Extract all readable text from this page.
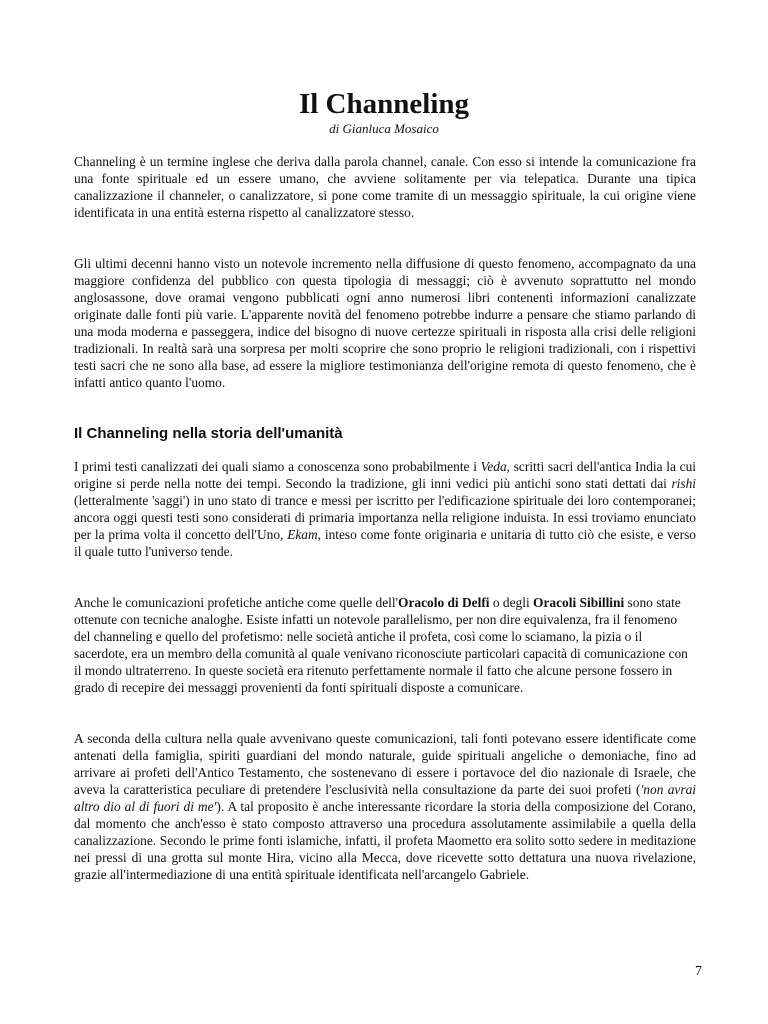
Il Channeling
di Gianluca Mosaico

Channeling è un termine inglese che deriva dalla parola channel, canale. Con esso si intende la comunicazione fra una fonte spirituale ed un essere umano, che avviene solitamente per via telepatica. Durante una tipica canalizzazione il channeler, o canalizzatore, si pone come tramite di un messaggio spirituale, la cui origine viene identificata in una entità esterna rispetto al canalizzatore stesso.

Gli ultimi decenni hanno visto un notevole incremento nella diffusione di questo fenomeno, accompagnato da una maggiore confidenza del pubblico con questa tipologia di messaggi; ciò è avvenuto soprattutto nel mondo anglosassone, dove oramai vengono pubblicati ogni anno numerosi libri contenenti informazioni canalizzate originate dalle fonti più varie. L'apparente novità del fenomeno potrebbe indurre a pensare che stiamo parlando di una moda moderna e passeggera, indice del bisogno di nuove certezze spirituali in risposta alla crisi delle religioni tradizionali. In realtà sarà una sorpresa per molti scoprire che sono proprio le religioni tradizionali, con i rispettivi testi sacri che ne sono alla base, ad essere la migliore testimonianza dell'origine remota di questo fenomeno, che è infatti antico quanto l'uomo.

Il Channeling nella storia dell'umanità

I primi testi canalizzati dei quali siamo a conoscenza sono probabilmente i Veda, scritti sacri dell'antica India la cui origine si perde nella notte dei tempi. Secondo la tradizione, gli inni vedici più antichi sono stati dettati dai rishi (letteralmente 'saggi') in uno stato di trance e messi per iscritto per l'edificazione spirituale dei loro contemporanei; ancora oggi questi testi sono considerati di primaria importanza nella religione induista. In essi troviamo enunciato per la prima volta il concetto dell'Uno, Ekam, inteso come fonte originaria e unitaria di tutto ciò che esiste, e verso il quale tutto l'universo tende.

Anche le comunicazioni profetiche antiche come quelle dell'Oracolo di Delfi o degli Oracoli Sibillini sono state ottenute con tecniche analoghe. Esiste infatti un notevole parallelismo, per non dire equivalenza, fra il fenomeno del channeling e quello del profetismo: nelle società antiche il profeta, così come lo sciamano, la pizia o il sacerdote, era un membro della comunità al quale venivano riconosciute particolari capacità di comunicazione con il mondo ultraterreno. In queste società era ritenuto perfettamente normale il fatto che alcune persone fossero in grado di recepire dei messaggi provenienti da fonti spirituali disposte a comunicare.

A seconda della cultura nella quale avvenivano queste comunicazioni, tali fonti potevano essere identificate come antenati della famiglia, spiriti guardiani del mondo naturale, guide spirituali angeliche o demoniache, fino ad arrivare ai profeti dell'Antico Testamento, che sostenevano di essere i portavoce del dio nazionale di Israele, che aveva la caratteristica peculiare di pretendere l'esclusività nella consultazione da parte dei suoi profeti ('non avrai altro dio al di fuori di me'). A tal proposito è anche interessante ricordare la storia della composizione del Corano, dal momento che anch'esso è stato composto attraverso una procedura assolutamente assimilabile a quella della canalizzazione. Secondo le prime fonti islamiche, infatti, il profeta Maometto era solito sotto sedere in meditazione nei pressi di una grotta sul monte Hira, vicino alla Mecca, dove ricevette sotto dettatura una nuova rivelazione, grazie all'intermediazione di una entità spirituale identificata nell'arcangelo Gabriele.

7
